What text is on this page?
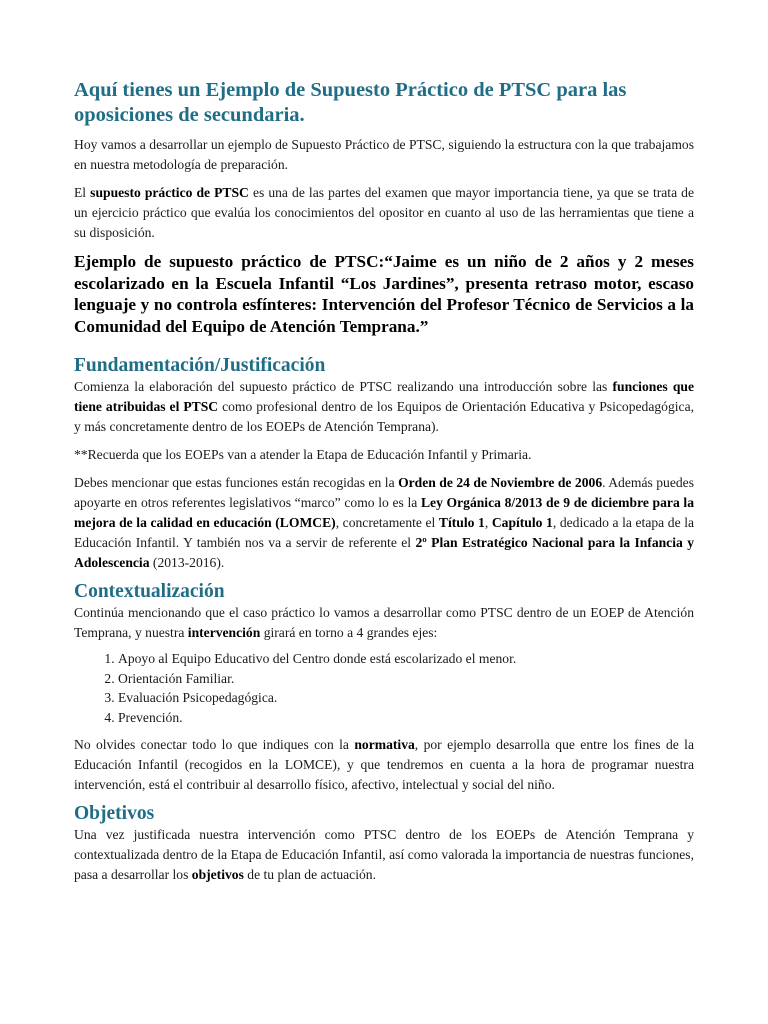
Aquí tienes un Ejemplo de Supuesto Práctico de PTSC para las oposiciones de secundaria.

Hoy vamos a desarrollar un ejemplo de Supuesto Práctico de PTSC, siguiendo la estructura con la que trabajamos en nuestra metodología de preparación.

El supuesto práctico de PTSC es una de las partes del examen que mayor importancia tiene, ya que se trata de un ejercicio práctico que evalúa los conocimientos del opositor en cuanto al uso de las herramientas que tiene a su disposición.

Ejemplo de supuesto práctico de PTSC:“Jaime es un niño de 2 años y 2 meses escolarizado en la Escuela Infantil “Los Jardines”, presenta retraso motor, escaso lenguaje y no controla esfínteres: Intervención del Profesor Técnico de Servicios a la Comunidad del Equipo de Atención Temprana.”

Fundamentación/Justificación

Comienza la elaboración del supuesto práctico de PTSC realizando una introducción sobre las funciones que tiene atribuidas el PTSC como profesional dentro de los Equipos de Orientación Educativa y Psicopedagógica, y más concretamente dentro de los EOEPs de Atención Temprana).

**Recuerda que los EOEPs van a atender la Etapa de Educación Infantil y Primaria.

Debes mencionar que estas funciones están recogidas en la Orden de 24 de Noviembre de 2006. Además puedes apoyarte en otros referentes legislativos “marco” como lo es la Ley Orgánica 8/2013 de 9 de diciembre para la mejora de la calidad en educación (LOMCE), concretamente el Título 1, Capítulo 1, dedicado a la etapa de la Educación Infantil. Y también nos va a servir de referente el 2º Plan Estratégico Nacional para la Infancia y Adolescencia (2013-2016).

Contextualización

Continúa mencionando que el caso práctico lo vamos a desarrollar como PTSC dentro de un EOEP de Atención Temprana, y nuestra intervención girará en torno a 4 grandes ejes:

1. Apoyo al Equipo Educativo del Centro donde está escolarizado el menor.
2. Orientación Familiar.
3. Evaluación Psicopedagógica.
4. Prevención.

No olvides conectar todo lo que indiques con la normativa, por ejemplo desarrolla que entre los fines de la Educación Infantil (recogidos en la LOMCE), y que tendremos en cuenta a la hora de programar nuestra intervención, está el contribuir al desarrollo físico, afectivo, intelectual y social del niño.

Objetivos

Una vez justificada nuestra intervención como PTSC dentro de los EOEPs de Atención Temprana y contextualizada dentro de la Etapa de Educación Infantil, así como valorada la importancia de nuestras funciones, pasa a desarrollar los objetivos de tu plan de actuación.
